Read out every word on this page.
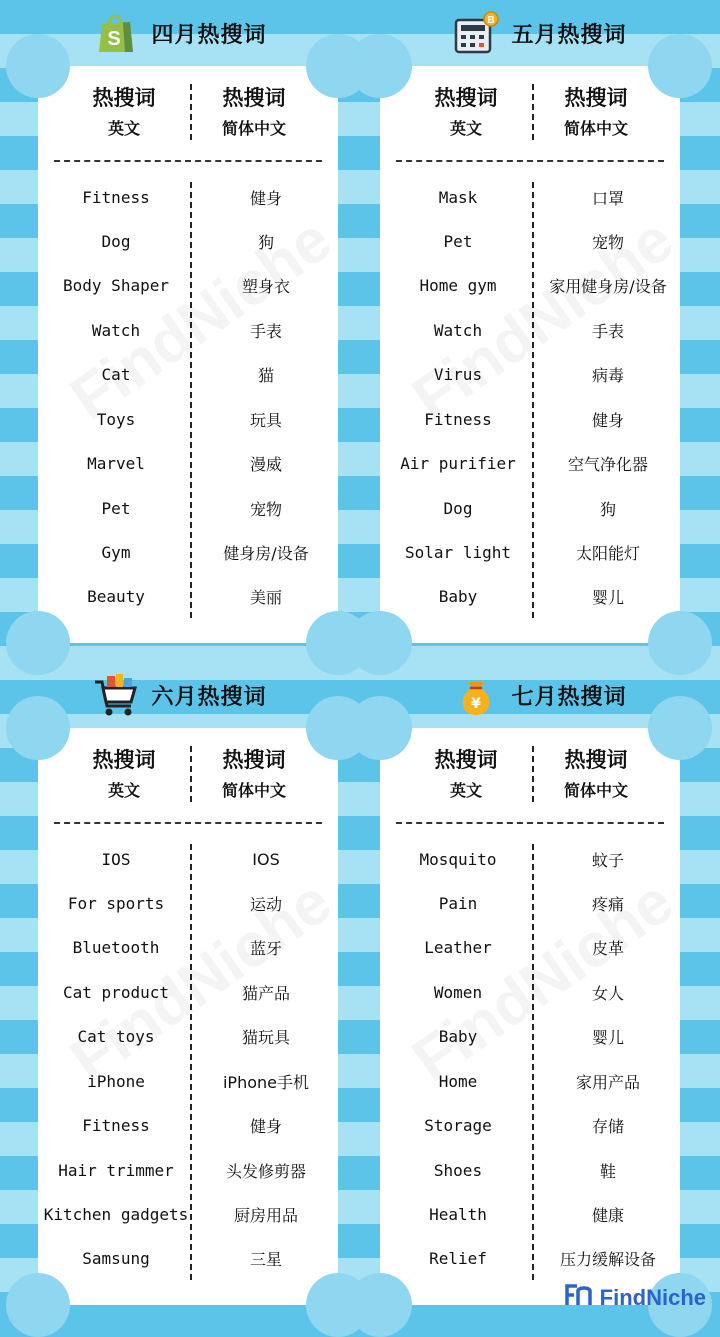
S 四月热搜词
B
五月热搜词
热搜词
英文
热搜词
简体中文
Fitness	健身
Dog	狗
Body Shaper	塑身衣
Watch	手表
Cat	猫
Toys	玩具
Marvel	漫威
Pet	宠物
Gym	健身房/设备
Beauty	美丽
热搜词
英文
热搜词
简体中文
Mask	口罩
Pet	宠物
Home gym	家用健身房/设备
Watch	手表
Virus	病毒
Fitness	健身
Air purifier	空气净化器
Dog	狗
Solar light	太阳能灯
Baby	婴儿
六月热搜词	¥ 七月热搜词
热搜词
英文
热搜词
简体中文
IOS	IOS
For sports	运动
Bluetooth	蓝牙
Cat product	猫产品
Cat toys	猫玩具
iPhone	iPhone手机
Fitness	健身
Hair trimmer	头发修剪器
Kitchen gadgets	厨房用品
Samsung	三星
热搜词
英文
热搜词
简体中文
Mosquito	蚊子
Pain	疼痛
Leather	皮革
Women	女人
Baby	婴儿
Home	家用产品
Storage	存储
Shoes	鞋
Health	健康
Relief	压力缓解设备
FindNiche
